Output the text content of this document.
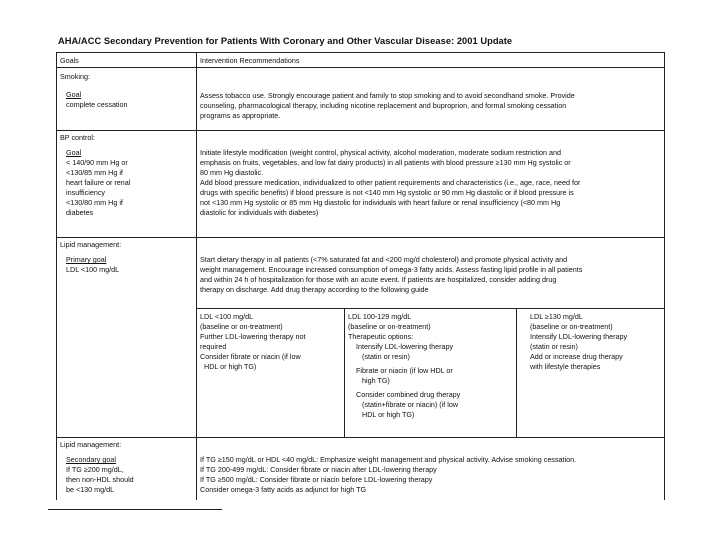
AHA/ACC Secondary Prevention for Patients With Coronary and Other Vascular Disease: 2001 Update
Goals	Intervention Recommendations
Smoking:
Goal
complete cessation
Assess tobacco use. Strongly encourage patient and family to stop smoking and to avoid secondhand smoke. Provide
counseling, pharmacological therapy, including nicotine replacement and buproprion, and formal smoking cessation
programs as appropriate.
BP control:
Goal
< 140/90 mm Hg or
<130/85 mm Hg if
heart failure or renal
insufficiency
<130/80 mm Hg if
diabetes
Initiate lifestyle modification (weight control, physical activity, alcohol moderation, moderate sodium restriction and
emphasis on fruits, vegetables, and low fat dairy products) in all patients with blood pressure ≥130 mm Hg systolic or
80 mm Hg diastolic.
Add blood pressure medication, individualized to other patient requirements and characteristics (i.e., age, race, need for
drugs with specific benefits) if blood pressure is not <140 mm Hg systolic or 90 mm Hg diastolic or if blood pressure is
not <130 mm Hg systolic or 85 mm Hg diastolic for individuals with heart failure or renal insufficiency (<80 mm Hg
diastolic for individuals with diabetes)
Lipid management:
Primary goal
LDL <100 mg/dL
Start dietary therapy in all patients (<7% saturated fat and <200 mg/d cholesterol) and promote physical activity and
weight management. Encourage increased consumption of omega-3 fatty acids. Assess fasting lipid profile in all patients
and within 24 h of hospitalization for those with an acute event. If patients are hospitalized, consider adding drug
therapy on discharge. Add drug therapy according to the following guide
LDL <100 mg/dL
(baseline or on-treatment)
Further LDL-lowering therapy not
required
Consider fibrate or niacin (if low
HDL or high TG)
LDL 100-129 mg/dL
(baseline or on-treatment)
Therapeutic options:
Intensify LDL-lowering therapy
(statin or resin)
Fibrate or niacin (if low HDL or
high TG)
Consider combined drug therapy
(statin+fibrate or niacin) (if low
HDL or high TG)
LDL ≥130 mg/dL
(baseline or on-treatment)
Intensify LDL-lowering therapy
(statin or resin)
Add or increase drug therapy
with lifestyle therapies
Lipid management:
Secondary goal
If TG ≥200 mg/dL,
then non-HDL should
be <130 mg/dL
If TG ≥150 mg/dL or HDL <40 mg/dL: Emphasize weight management and physical activity. Advise smoking cessation.
If TG 200-499 mg/dL: Consider fibrate or niacin after LDL-lowering therapy
If TG ≥500 mg/dL: Consider fibrate or niacin before LDL-lowering therapy
Consider omega-3 fatty acids as adjunct for high TG
